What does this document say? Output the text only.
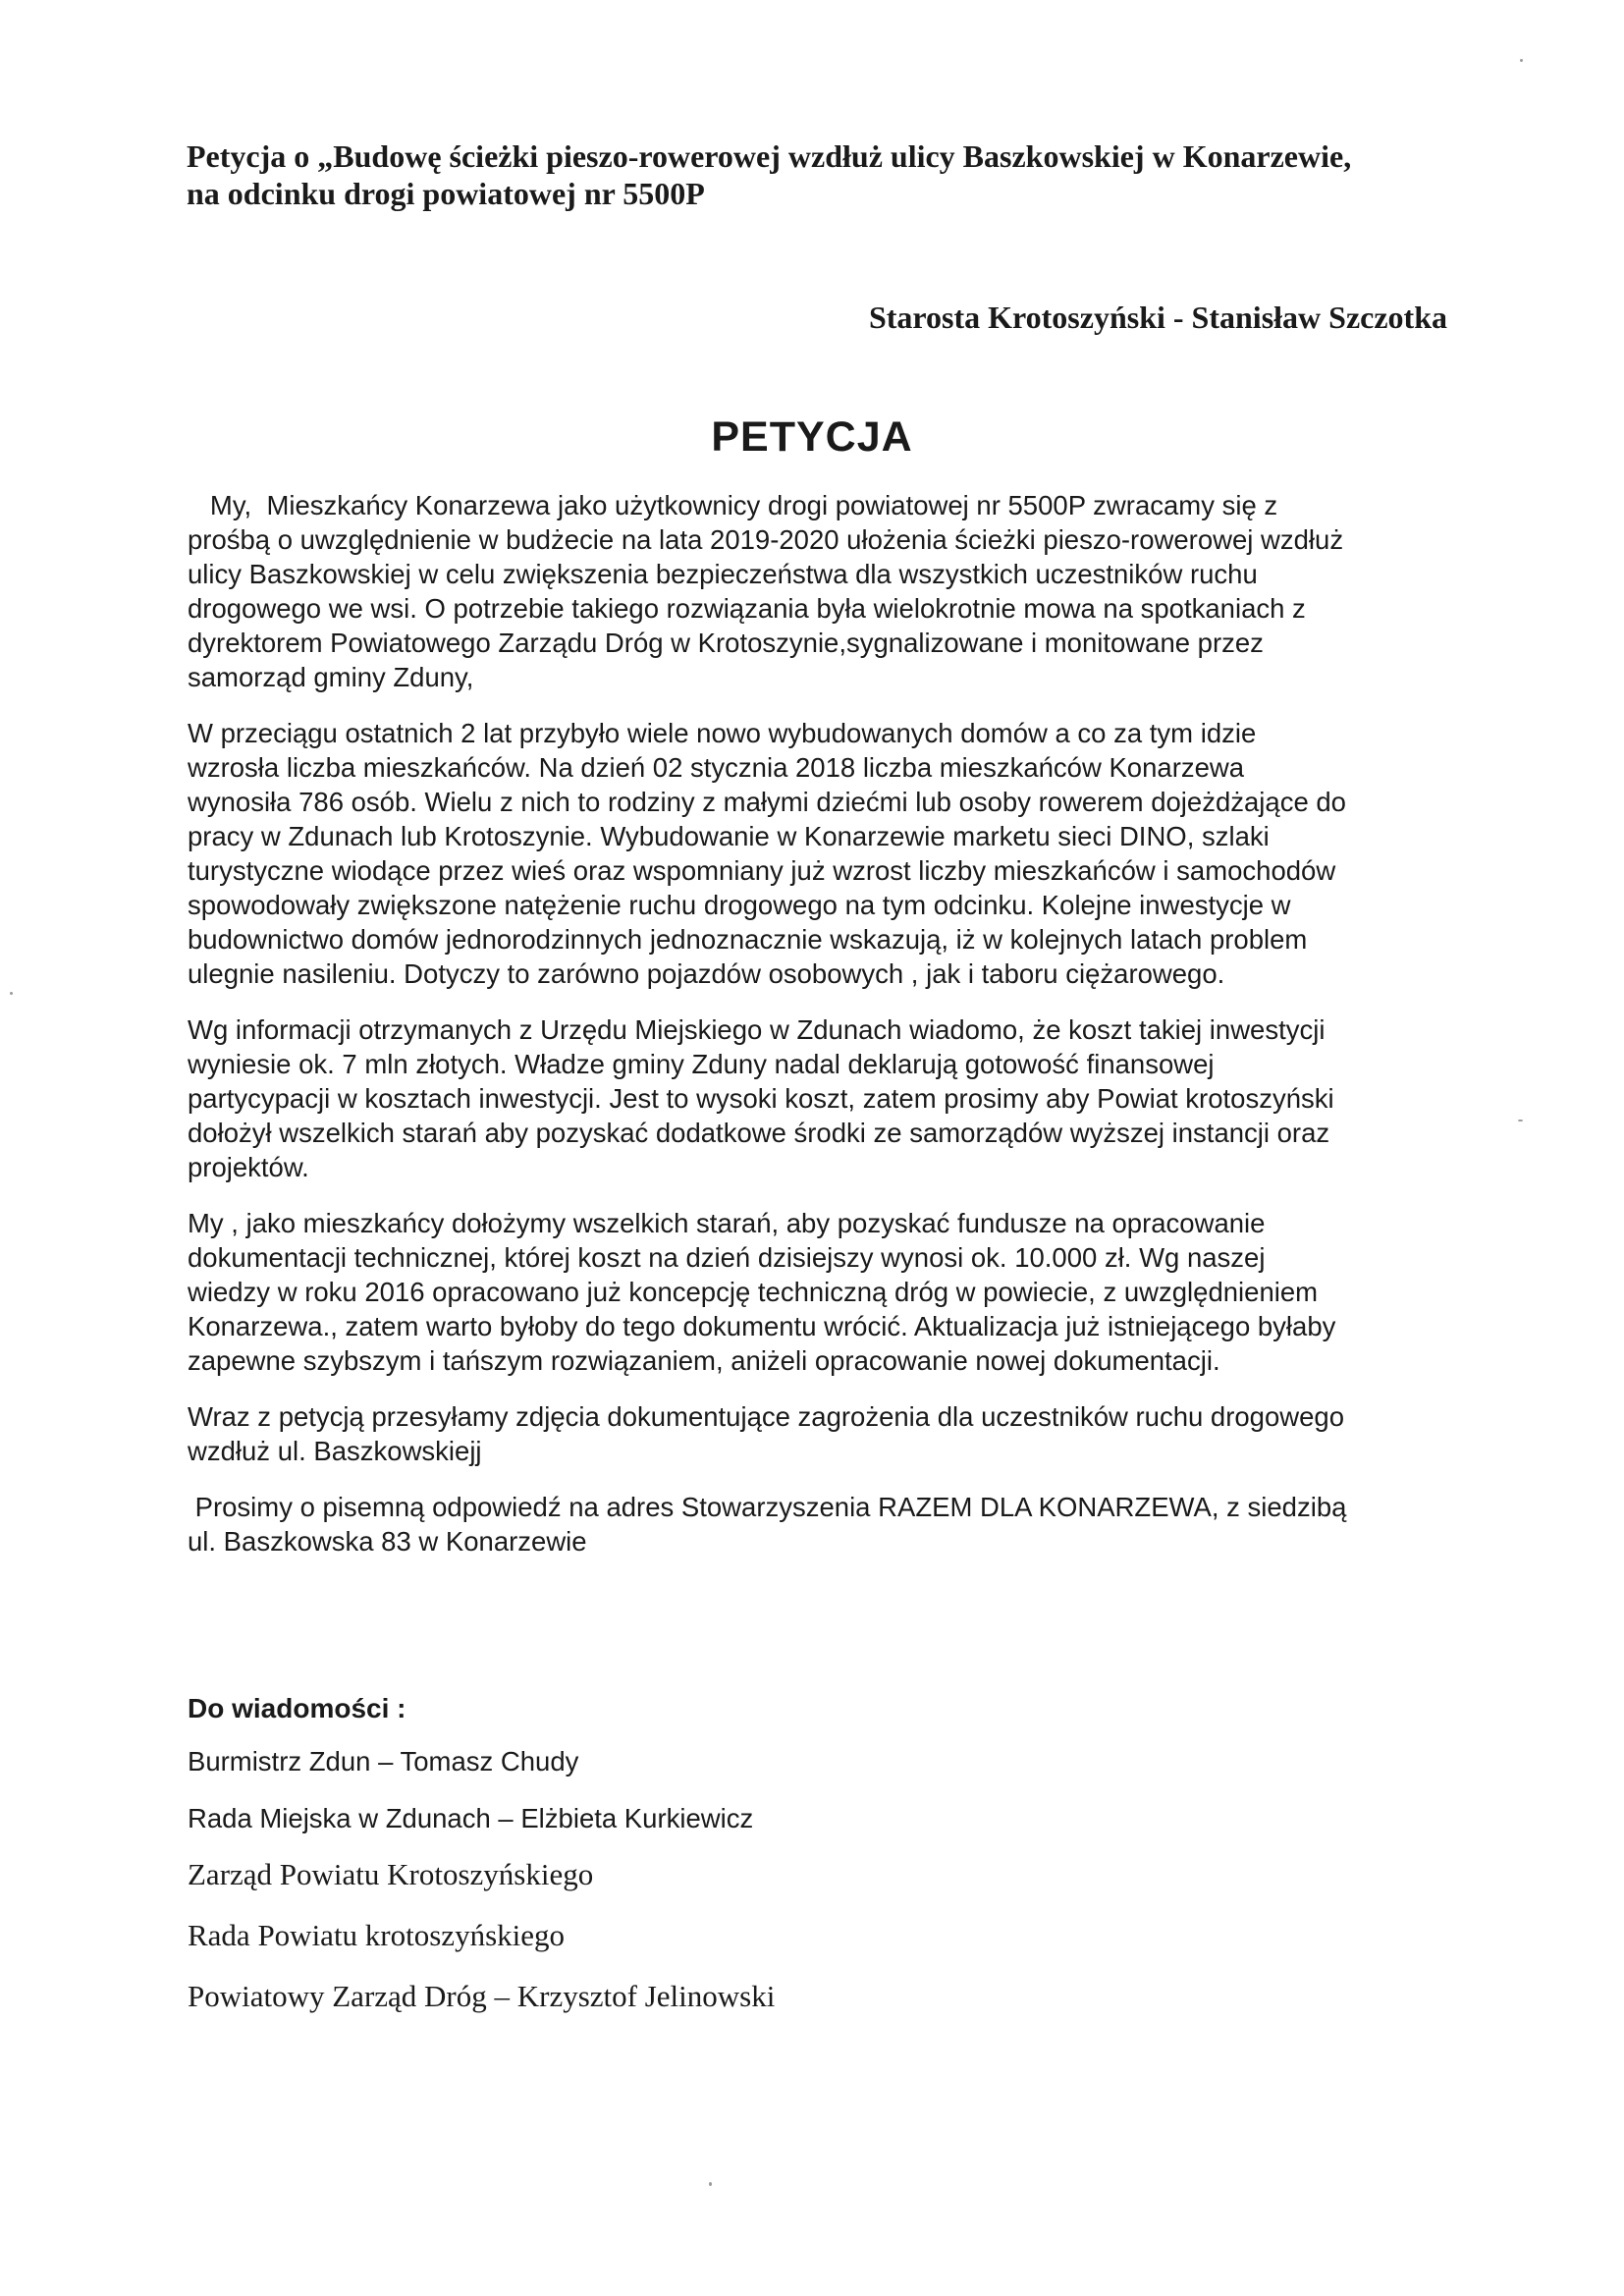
Petycja o „Budowę ścieżki pieszo-rowerowej wzdłuż ulicy Baszkowskiej w Konarzewie,
na odcinku drogi powiatowej nr 5500P
Starosta Krotoszyński - Stanisław Szczotka
PETYCJA
My,  Mieszkańcy Konarzewa jako użytkownicy drogi powiatowej nr 5500P zwracamy się z
prośbą o uwzględnienie w budżecie na lata 2019-2020 ułożenia ścieżki pieszo-rowerowej wzdłuż
ulicy Baszkowskiej w celu zwiększenia bezpieczeństwa dla wszystkich uczestników ruchu
drogowego we wsi. O potrzebie takiego rozwiązania była wielokrotnie mowa na spotkaniach z
dyrektorem Powiatowego Zarządu Dróg w Krotoszynie,sygnalizowane i monitowane przez
samorząd gminy Zduny,
W przeciągu ostatnich 2 lat przybyło wiele nowo wybudowanych domów a co za tym idzie
wzrosła liczba mieszkańców. Na dzień 02 stycznia 2018 liczba mieszkańców Konarzewa
wynosiła 786 osób. Wielu z nich to rodziny z małymi dziećmi lub osoby rowerem dojeżdżające do
pracy w Zdunach lub Krotoszynie. Wybudowanie w Konarzewie marketu sieci DINO, szlaki
turystyczne wiodące przez wieś oraz wspomniany już wzrost liczby mieszkańców i samochodów
spowodowały zwiększone natężenie ruchu drogowego na tym odcinku. Kolejne inwestycje w
budownictwo domów jednorodzinnych jednoznacznie wskazują, iż w kolejnych latach problem
ulegnie nasileniu. Dotyczy to zarówno pojazdów osobowych , jak i taboru ciężarowego.
Wg informacji otrzymanych z Urzędu Miejskiego w Zdunach wiadomo, że koszt takiej inwestycji
wyniesie ok. 7 mln złotych. Władze gminy Zduny nadal deklarują gotowość finansowej
partycypacji w kosztach inwestycji. Jest to wysoki koszt, zatem prosimy aby Powiat krotoszyński
dołożył wszelkich starań aby pozyskać dodatkowe środki ze samorządów wyższej instancji oraz
projektów.
My , jako mieszkańcy dołożymy wszelkich starań, aby pozyskać fundusze na opracowanie
dokumentacji technicznej, której koszt na dzień dzisiejszy wynosi ok. 10.000 zł. Wg naszej
wiedzy w roku 2016 opracowano już koncepcję techniczną dróg w powiecie, z uwzględnieniem
Konarzewa., zatem warto byłoby do tego dokumentu wrócić. Aktualizacja już istniejącego byłaby
zapewne szybszym i tańszym rozwiązaniem, aniżeli opracowanie nowej dokumentacji.
Wraz z petycją przesyłamy zdjęcia dokumentujące zagrożenia dla uczestników ruchu drogowego
wzdłuż ul. Baszkowskiejj
Prosimy o pisemną odpowiedź na adres Stowarzyszenia RAZEM DLA KONARZEWA, z siedzibą
ul. Baszkowska 83 w Konarzewie
Do wiadomości :
Burmistrz Zdun – Tomasz Chudy
Rada Miejska w Zdunach – Elżbieta Kurkiewicz
Zarząd Powiatu Krotoszyńskiego
Rada Powiatu krotoszyńskiego
Powiatowy Zarząd Dróg – Krzysztof Jelinowski
